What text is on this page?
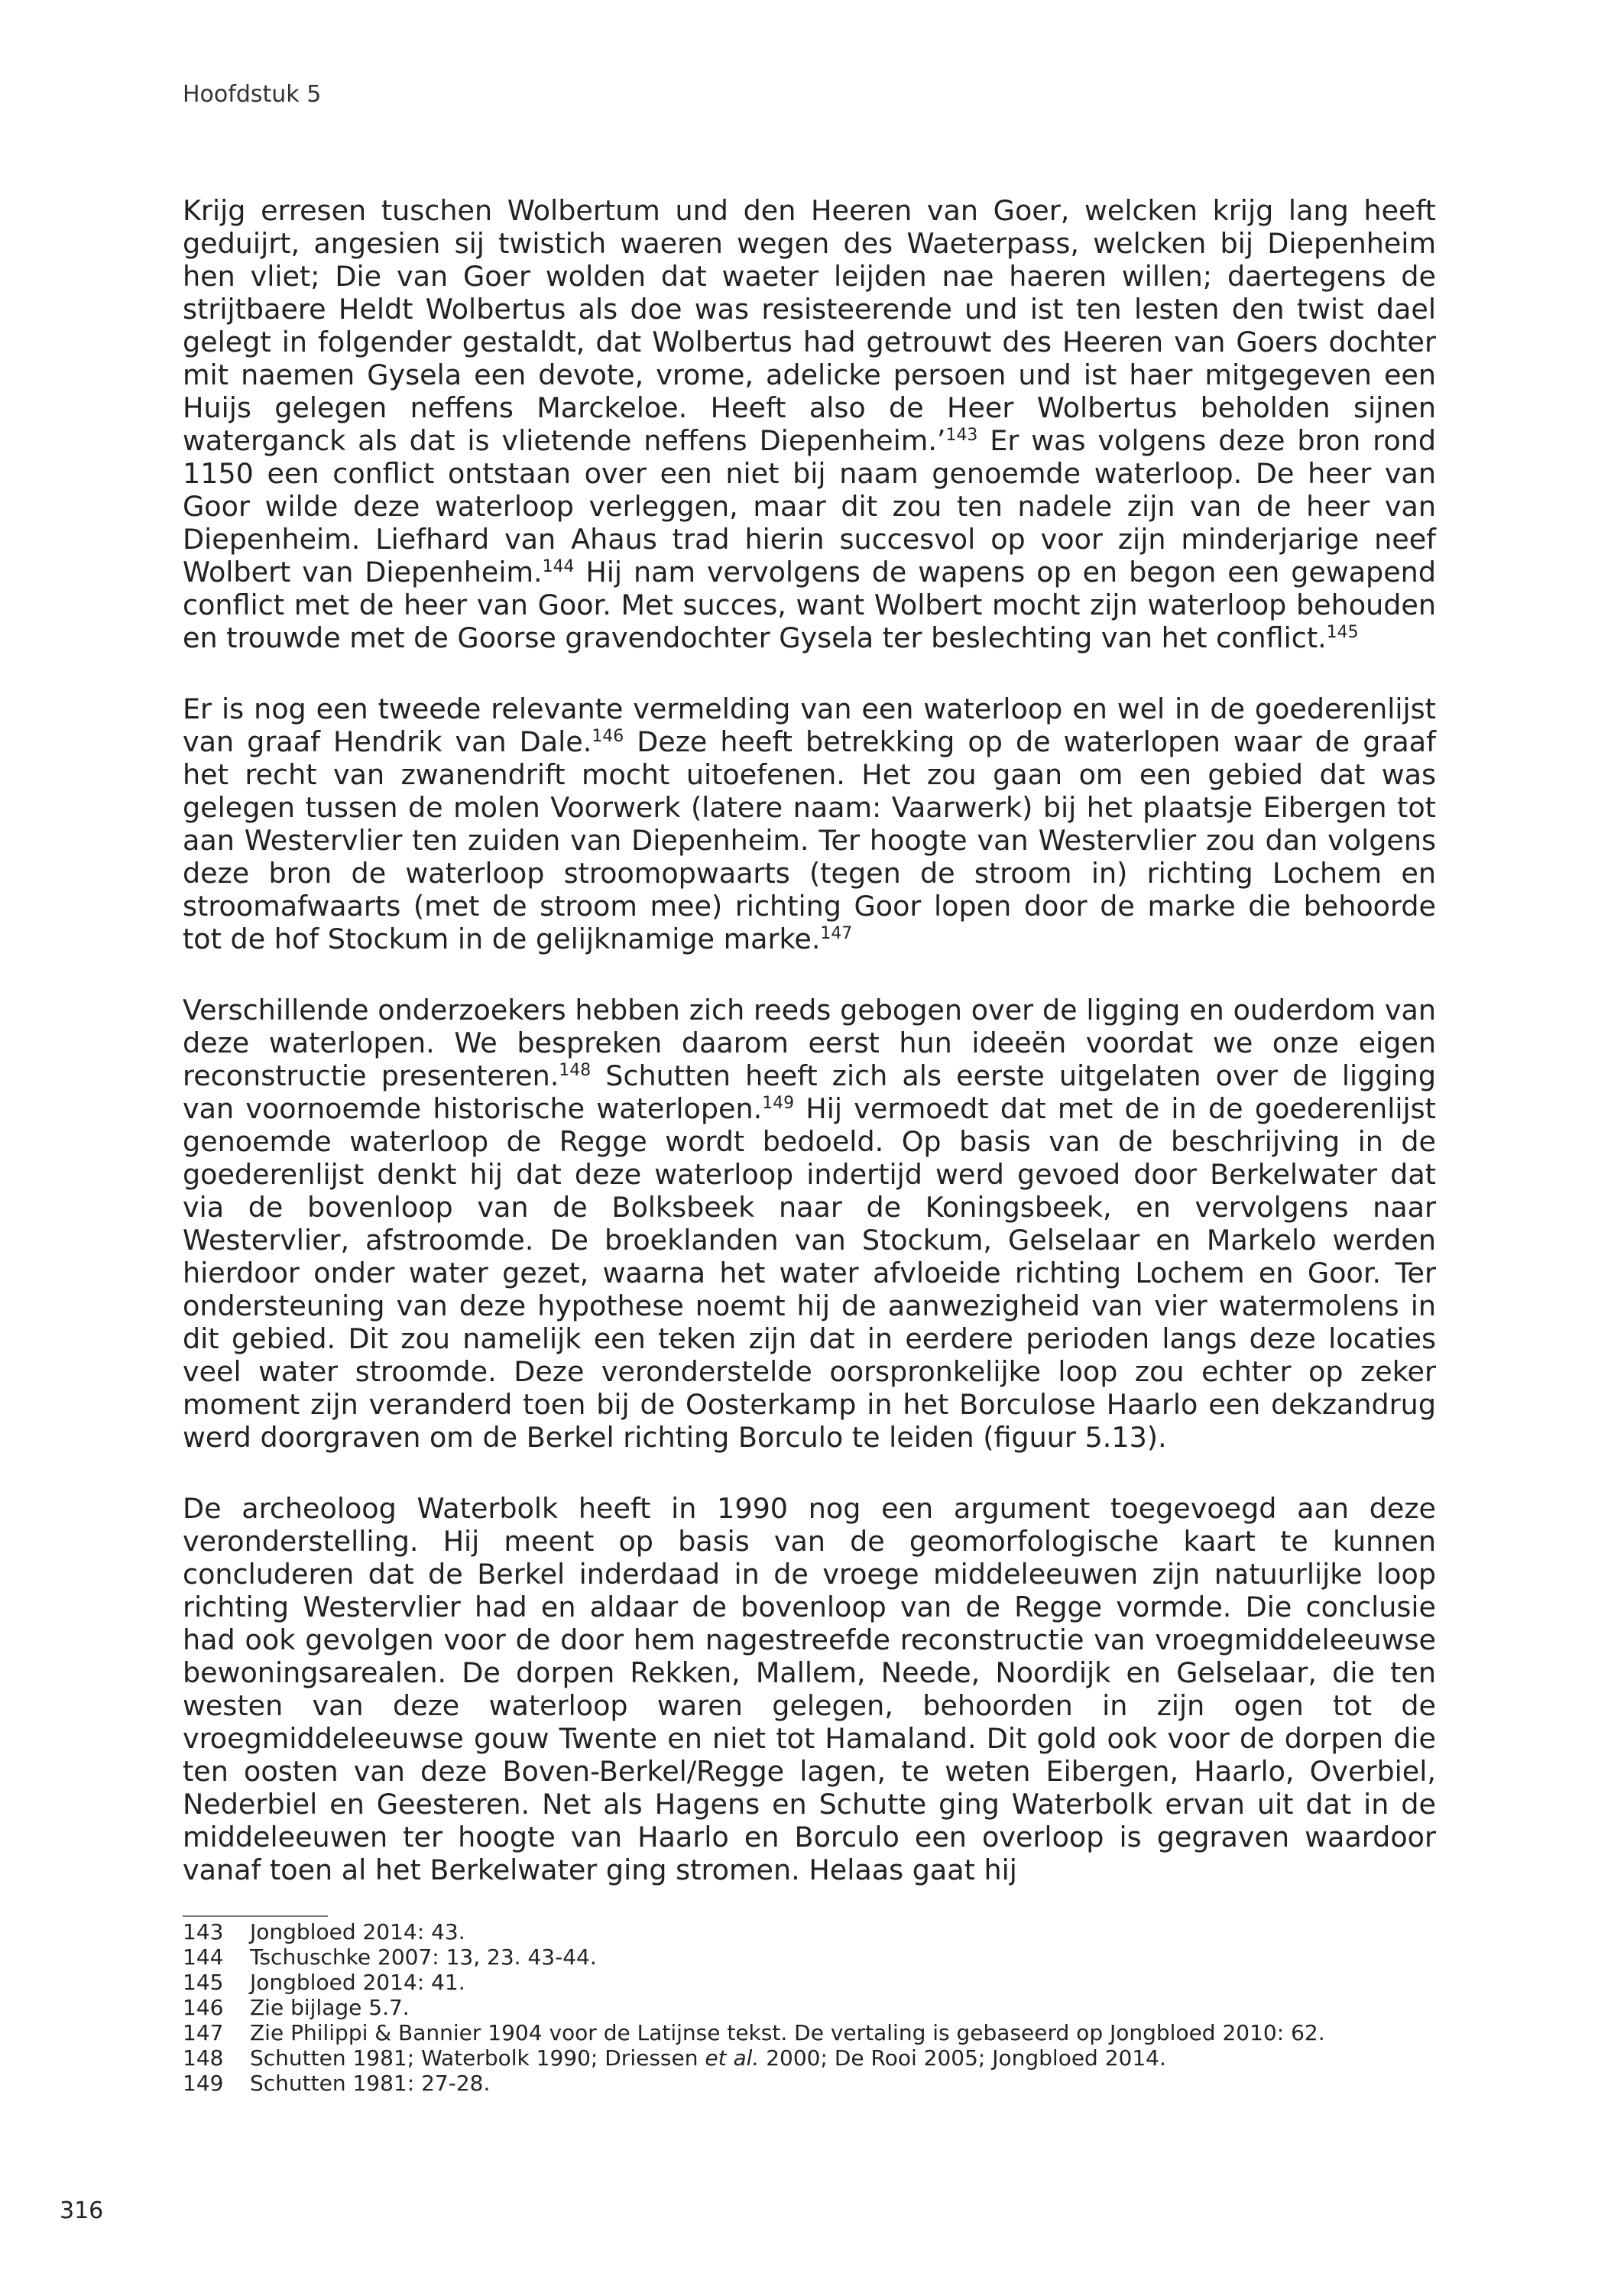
Hoofdstuk 5

Krijg erresen tuschen Wolbertum und den Heeren van Goer, welcken krijg lang heeft geduijrt, angesien sij twistich waeren wegen des Waeterpass, welcken bij Diepenheim hen vliet; Die van Goer wolden dat waeter leijden nae haeren willen; daertegens de strijtbaere Heldt Wolbertus als doe was resisteerende und ist ten lesten den twist dael gelegt in folgender gestaldt, dat Wolbertus had getrouwt des Heeren van Goers dochter mit naemen Gysela een devote, vrome, adelicke persoen und ist haer mitgegeven een Huijs gelegen neffens Marckeloe. Heeft also de Heer Wolbertus beholden sijnen waterganck als dat is vlietende neffens Diepenheim.’$^{143}$ Er was volgens deze bron rond 1150 een conflict ontstaan over een niet bij naam genoemde waterloop. De heer van Goor wilde deze waterloop verleggen, maar dit zou ten nadele zijn van de heer van Diepenheim. Liefhard van Ahaus trad hierin succesvol op voor zijn minderjarige neef Wolbert van Diepenheim.$^{144}$ Hij nam vervolgens de wapens op en begon een gewapend conflict met de heer van Goor. Met succes, want Wolbert mocht zijn waterloop behouden en trouwde met de Goorse gravendochter Gysela ter beslechting van het conflict.$^{145}$

Er is nog een tweede relevante vermelding van een waterloop en wel in de goederenlijst van graaf Hendrik van Dale.$^{146}$ Deze heeft betrekking op de waterlopen waar de graaf het recht van zwanendrift mocht uitoefenen. Het zou gaan om een gebied dat was gelegen tussen de molen Voorwerk (latere naam: Vaarwerk) bij het plaatsje Eibergen tot aan Westervlier ten zuiden van Diepenheim. Ter hoogte van Westervlier zou dan volgens deze bron de waterloop stroomopwaarts (tegen de stroom in) richting Lochem en stroomafwaarts (met de stroom mee) richting Goor lopen door de marke die behoorde tot de hof Stockum in de gelijknamige marke.$^{147}$

Verschillende onderzoekers hebben zich reeds gebogen over de ligging en ouderdom van deze waterlopen. We bespreken daarom eerst hun ideeën voordat we onze eigen reconstructie presenteren.$^{148}$ Schutten heeft zich als eerste uitgelaten over de ligging van voornoemde historische waterlopen.$^{149}$ Hij vermoedt dat met de in de goederenlijst genoemde waterloop de Regge wordt bedoeld. Op basis van de beschrijving in de goederenlijst denkt hij dat deze waterloop indertijd werd gevoed door Berkelwater dat via de bovenloop van de Bolksbeek naar de Koningsbeek, en vervolgens naar Westervlier, afstroomde. De broeklanden van Stockum, Gelselaar en Markelo werden hierdoor onder water gezet, waarna het water afvloeide richting Lochem en Goor. Ter ondersteuning van deze hypothese noemt hij de aanwezigheid van vier watermolens in dit gebied. Dit zou namelijk een teken zijn dat in eerdere perioden langs deze locaties veel water stroomde. Deze veronderstelde oorspronkelijke loop zou echter op zeker moment zijn veranderd toen bij de Oosterkamp in het Borculose Haarlo een dekzandrug werd doorgraven om de Berkel richting Borculo te leiden (figuur 5.13).

De archeoloog Waterbolk heeft in 1990 nog een argument toegevoegd aan deze veronderstelling. Hij meent op basis van de geomorfologische kaart te kunnen concluderen dat de Berkel inderdaad in de vroege middeleeuwen zijn natuurlijke loop richting Westervlier had en aldaar de bovenloop van de Regge vormde. Die conclusie had ook gevolgen voor de door hem nagestreefde reconstructie van vroegmiddeleeuwse bewoningsarealen. De dorpen Rekken, Mallem, Neede, Noordijk en Gelselaar, die ten westen van deze waterloop waren gelegen, behoorden in zijn ogen tot de vroegmiddeleeuwse gouw Twente en niet tot Hamaland. Dit gold ook voor de dorpen die ten oosten van deze Boven-Berkel/Regge lagen, te weten Eibergen, Haarlo, Overbiel, Nederbiel en Geesteren. Net als Hagens en Schutte ging Waterbolk ervan uit dat in de middeleeuwen ter hoogte van Haarlo en Borculo een overloop is gegraven waardoor vanaf toen al het Berkelwater ging stromen. Helaas gaat hij

143	Jongbloed 2014: 43.
144	Tschuschke 2007: 13, 23. 43-44.
145	Jongbloed 2014: 41.
146	Zie bijlage 5.7.
147	Zie Philippi & Bannier 1904 voor de Latijnse tekst. De vertaling is gebaseerd op Jongbloed 2010: 62.
148	Schutten 1981; Waterbolk 1990; Driessen et al. 2000; De Rooi 2005; Jongbloed 2014.
149	Schutten 1981: 27-28.
316
